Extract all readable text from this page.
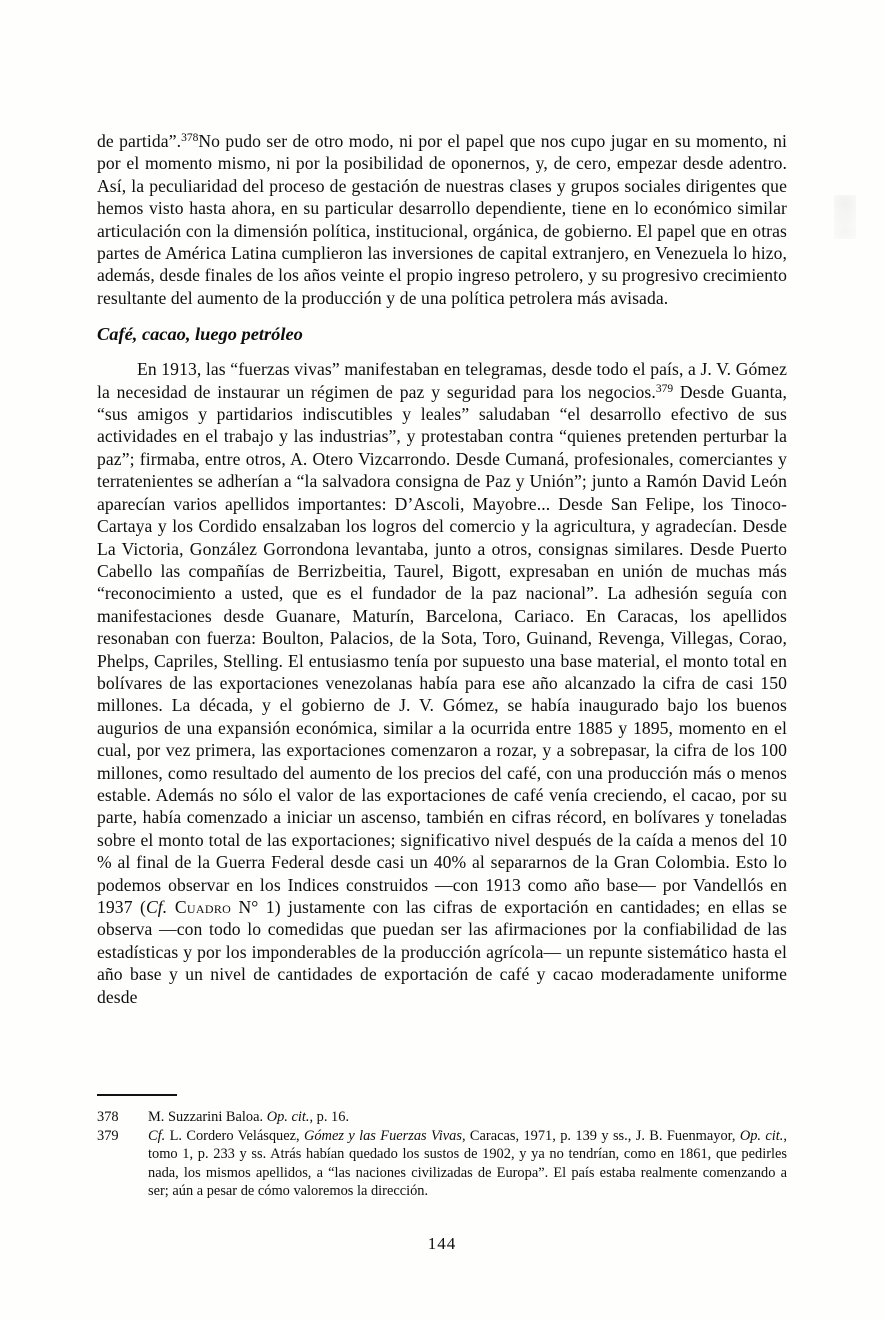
de partida”.$^{378}$No pudo ser de otro modo, ni por el papel que nos cupo jugar en su momento, ni por el momento mismo, ni por la posibilidad de oponernos, y, de cero, empezar desde adentro. Así, la peculiaridad del proceso de gestación de nuestras clases y grupos sociales dirigentes que hemos visto hasta ahora, en su particular desarrollo dependiente, tiene en lo económico similar articulación con la dimensión política, institucional, orgánica, de gobierno. El papel que en otras partes de América Latina cumplieron las inversiones de capital extranjero, en Venezuela lo hizo, además, desde finales de los años veinte el propio ingreso petrolero, y su progresivo crecimiento resultante del aumento de la producción y de una política petrolera más avisada.

Café, cacao, luego petróleo

En 1913, las “fuerzas vivas” manifestaban en telegramas, desde todo el país, a J. V. Gómez la necesidad de instaurar un régimen de paz y seguridad para los negocios.$^{379}$ Desde Guanta, “sus amigos y partidarios indiscutibles y leales” saludaban “el desarrollo efectivo de sus actividades en el trabajo y las industrias”, y protestaban contra “quienes pretenden perturbar la paz”; firmaba, entre otros, A. Otero Vizcarrondo. Desde Cumaná, profesionales, comerciantes y terratenientes se adherían a “la salvadora consigna de Paz y Unión”; junto a Ramón David León aparecían varios apellidos importantes: D’Ascoli, Mayobre... Desde San Felipe, los Tinoco-Cartaya y los Cordido ensalzaban los logros del comercio y la agricultura, y agradecían. Desde La Victoria, González Gorrondona levantaba, junto a otros, consignas similares. Desde Puerto Cabello las compañías de Berrizbeitia, Taurel, Bigott, expresaban en unión de muchas más “reconocimiento a usted, que es el fundador de la paz nacional”. La adhesión seguía con manifestaciones desde Guanare, Maturín, Barcelona, Cariaco. En Caracas, los apellidos resonaban con fuerza: Boulton, Palacios, de la Sota, Toro, Guinand, Revenga, Villegas, Corao, Phelps, Capriles, Stelling. El entusiasmo tenía por supuesto una base material, el monto total en bolívares de las exportaciones venezolanas había para ese año alcanzado la cifra de casi 150 millones. La década, y el gobierno de J. V. Gómez, se había inaugurado bajo los buenos augurios de una expansión económica, similar a la ocurrida entre 1885 y 1895, momento en el cual, por vez primera, las exportaciones comenzaron a rozar, y a sobrepasar, la cifra de los 100 millones, como resultado del aumento de los precios del café, con una producción más o menos estable. Además no sólo el valor de las exportaciones de café venía creciendo, el cacao, por su parte, había comenzado a iniciar un ascenso, también en cifras récord, en bolívares y toneladas sobre el monto total de las exportaciones; significativo nivel después de la caída a menos del 10 % al final de la Guerra Federal desde casi un 40% al separarnos de la Gran Colombia. Esto lo podemos observar en los Indices construidos —con 1913 como año base— por Vandellós en 1937 (Cf. Cuadro N° 1) justamente con las cifras de exportación en cantidades; en ellas se observa —con todo lo comedidas que puedan ser las afirmaciones por la confiabilidad de las estadísticas y por los imponderables de la producción agrícola— un repunte sistemático hasta el año base y un nivel de cantidades de exportación de café y cacao moderadamente uniforme desde

378	M. Suzzarini Baloa. Op. cit., p. 16.
379	Cf. L. Cordero Velásquez, Gómez y las Fuerzas Vivas, Caracas, 1971, p. 139 y ss., J. B. Fuenmayor, Op. cit., tomo 1, p. 233 y ss. Atrás habían quedado los sustos de 1902, y ya no tendrían, como en 1861, que pedirles nada, los mismos apellidos, a “las naciones civilizadas de Europa”. El país estaba realmente comenzando a ser; aún a pesar de cómo valoremos la dirección.
144
